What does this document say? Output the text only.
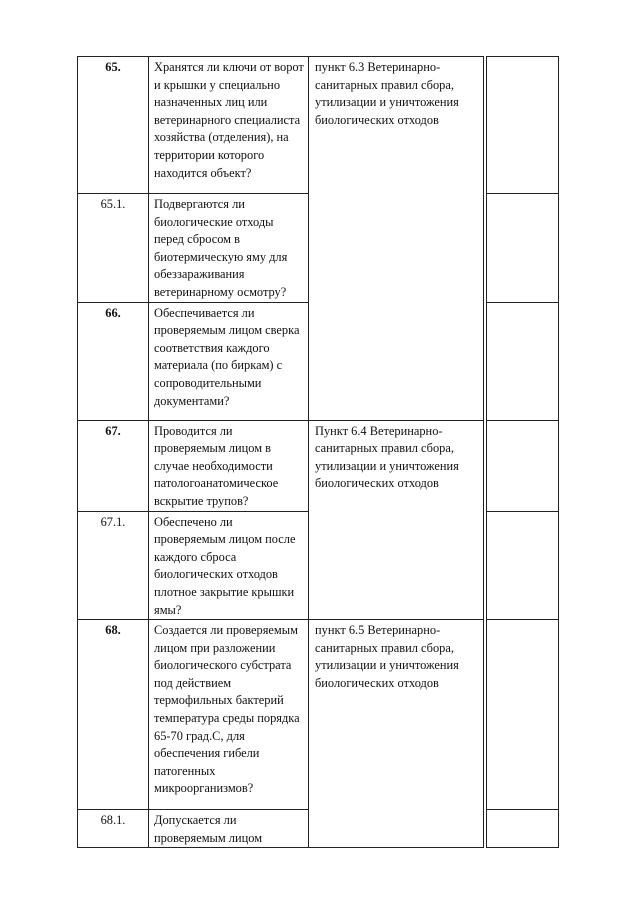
65.	Хранятся ли ключи от ворот и крышки у специально назначенных лиц или ветеринарного специалиста хозяйства (отделения), на территории которого находится объект?	пункт 6.3 Ветеринарно-санитарных правил сбора, утилизации и уничтожения биологических отходов		
65.1.	Подвергаются ли биологические отходы перед сбросом в биотермическую яму для обеззараживания ветеринарному осмотру?			
66.	Обеспечивается ли проверяемым лицом сверка соответствия каждого материала (по биркам) с сопроводительными документами?			
67.	Проводится ли проверяемым лицом в случае необходимости патологоанатомическое вскрытие трупов?	Пункт 6.4 Ветеринарно-санитарных правил сбора, утилизации и уничтожения биологических отходов		
67.1.	Обеспечено ли проверяемым лицом после каждого сброса биологических отходов плотное закрытие крышки ямы?			
68.	Создается ли проверяемым лицом при разложении биологического субстрата под действием термофильных бактерий температура среды порядка 65-70 град.С, для обеспечения гибели патогенных микроорганизмов?	пункт 6.5 Ветеринарно-санитарных правил сбора, утилизации и уничтожения биологических отходов		
68.1.	Допускается ли проверяемым лицом			
